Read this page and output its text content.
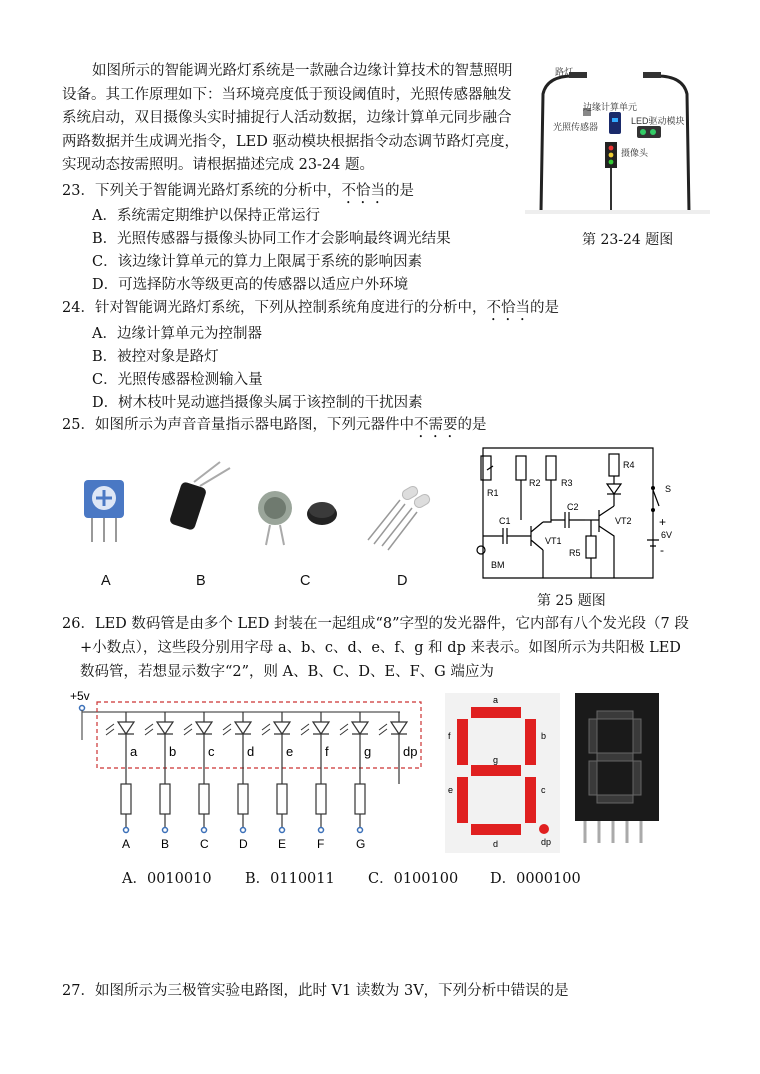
如图所示的智能调光路灯系统是一款融合边缘计算技术的智慧照明设备。其工作原理如下：当环境亮度低于预设阈值时，光照传感器触发系统启动，双目摄像头实时捕捉行人活动数据，边缘计算单元同步融合两路数据并生成调光指令，LED 驱动模块根据指令动态调节路灯亮度，实现动态按需照明。请根据描述完成 23-24 题。
路灯
边缘计算单元
光照传感器
LED驱动模块
摄像头
第 23-24 题图
23．下列关于智能调光路灯系统的分析中，不恰当的是
A．系统需定期维护以保持正常运行
B．光照传感器与摄像头协同工作才会影响最终调光结果
C．该边缘计算单元的算力上限属于系统的影响因素
D．可选择防水等级更高的传感器以适应户外环境
24．针对智能调光路灯系统，下列从控制系统角度进行的分析中，不恰当的是
A．边缘计算单元为控制器
B．被控对象是路灯
C．光照传感器检测输入量
D．树木枝叶晃动遮挡摄像头属于该控制的干扰因素
25．如图所示为声音音量指示器电路图，下列元器件中不需要的是
A	B	C	D
R1
R2 R3
R4
C1
C2
VT1
VT2
R5
BM
S
6V
+
-
第 25 题图
26．LED 数码管是由多个 LED 封装在一起组成“8”字型的发光器件，它内部有八个发光段（7 段
+小数点），这些段分别用字母 a、b、c、d、e、f、g 和 dp 来表示。如图所示为共阳极 LED
数码管，若想显示数字“2”，则 A、B、C、D、E、F、G 端应为
+5v
a
A
b
B
c
C
d
D
e
E
f
F
g
G
dp
a
b
c
d
e
f
g
dp
A．0010010 B．0110011 C．0100100 D．0000100
27．如图所示为三极管实验电路图，此时 V1 读数为 3V，下列分析中错误的是
